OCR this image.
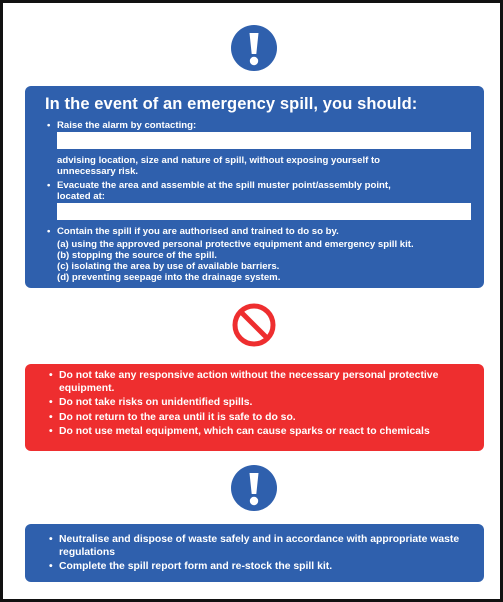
In the event of an emergency spill, you should:
• Raise the alarm by contacting:
advising location, size and nature of spill, without exposing yourself to
unnecessary risk.
• Evacuate the area and assemble at the spill muster point/assembly point,
located at:
• Contain the spill if you are authorised and trained to do so by.
(a) using the approved personal protective equipment and emergency spill kit.
(b) stopping the source of the spill.
(c) isolating the area by use of available barriers.
(d) preventing seepage into the drainage system.
• Do not take any responsive action without the necessary personal protective equipment.
• Do not take risks on unidentified spills.
• Do not return to the area until it is safe to do so.
• Do not use metal equipment, which can cause sparks or react to chemicals
• Neutralise and dispose of waste safely and in accordance with appropriate waste regulations
• Complete the spill report form and re-stock the spill kit.
